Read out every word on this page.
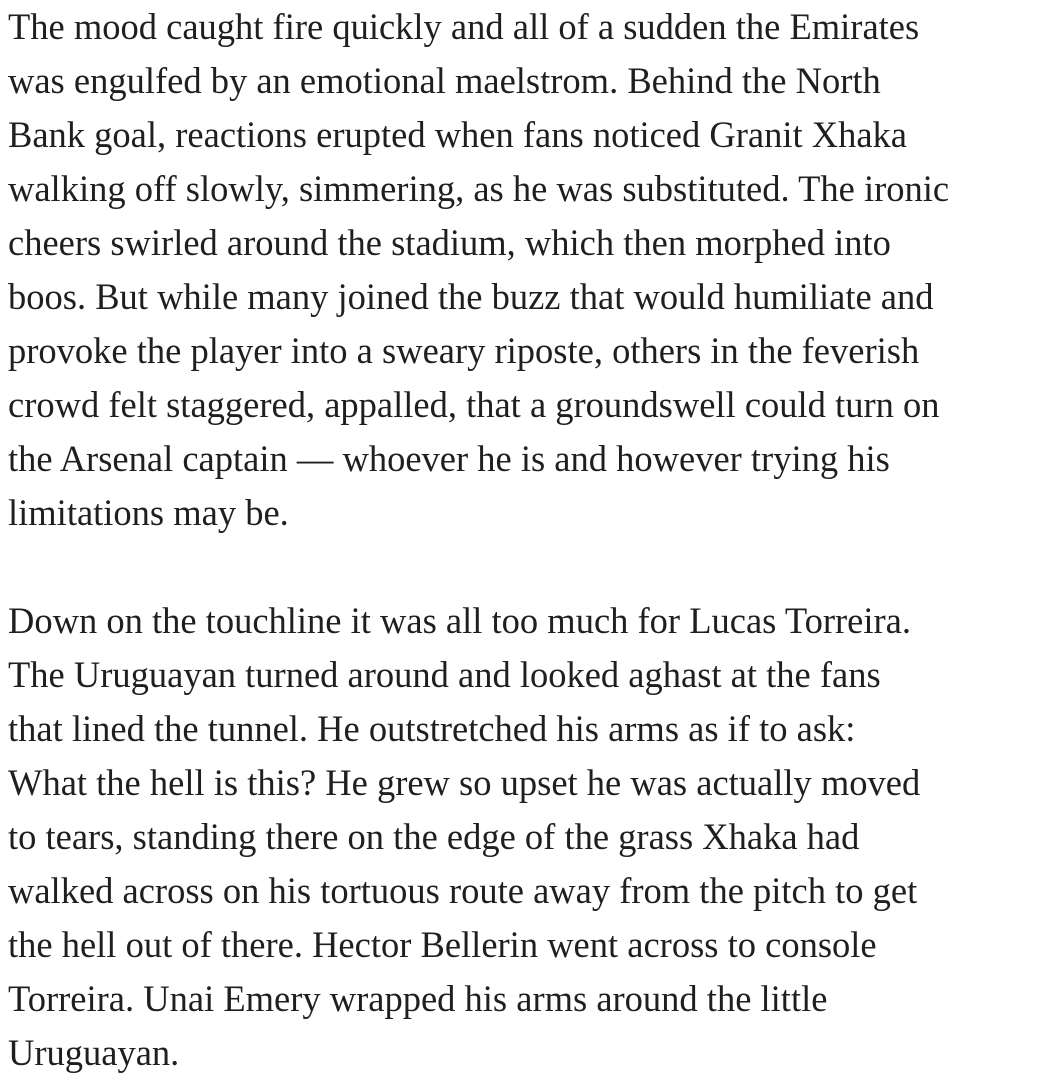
The mood caught fire quickly and all of a sudden the Emirates
was engulfed by an emotional maelstrom. Behind the North
Bank goal, reactions erupted when fans noticed Granit Xhaka
walking off slowly, simmering, as he was substituted. The ironic
cheers swirled around the stadium, which then morphed into
boos. But while many joined the buzz that would humiliate and
provoke the player into a sweary riposte, others in the feverish
crowd felt staggered, appalled, that a groundswell could turn on
the Arsenal captain — whoever he is and however trying his
limitations may be.

Down on the touchline it was all too much for Lucas Torreira.
The Uruguayan turned around and looked aghast at the fans
that lined the tunnel. He outstretched his arms as if to ask:
What the hell is this? He grew so upset he was actually moved
to tears, standing there on the edge of the grass Xhaka had
walked across on his tortuous route away from the pitch to get
the hell out of there. Hector Bellerin went across to console
Torreira. Unai Emery wrapped his arms around the little
Uruguayan.
